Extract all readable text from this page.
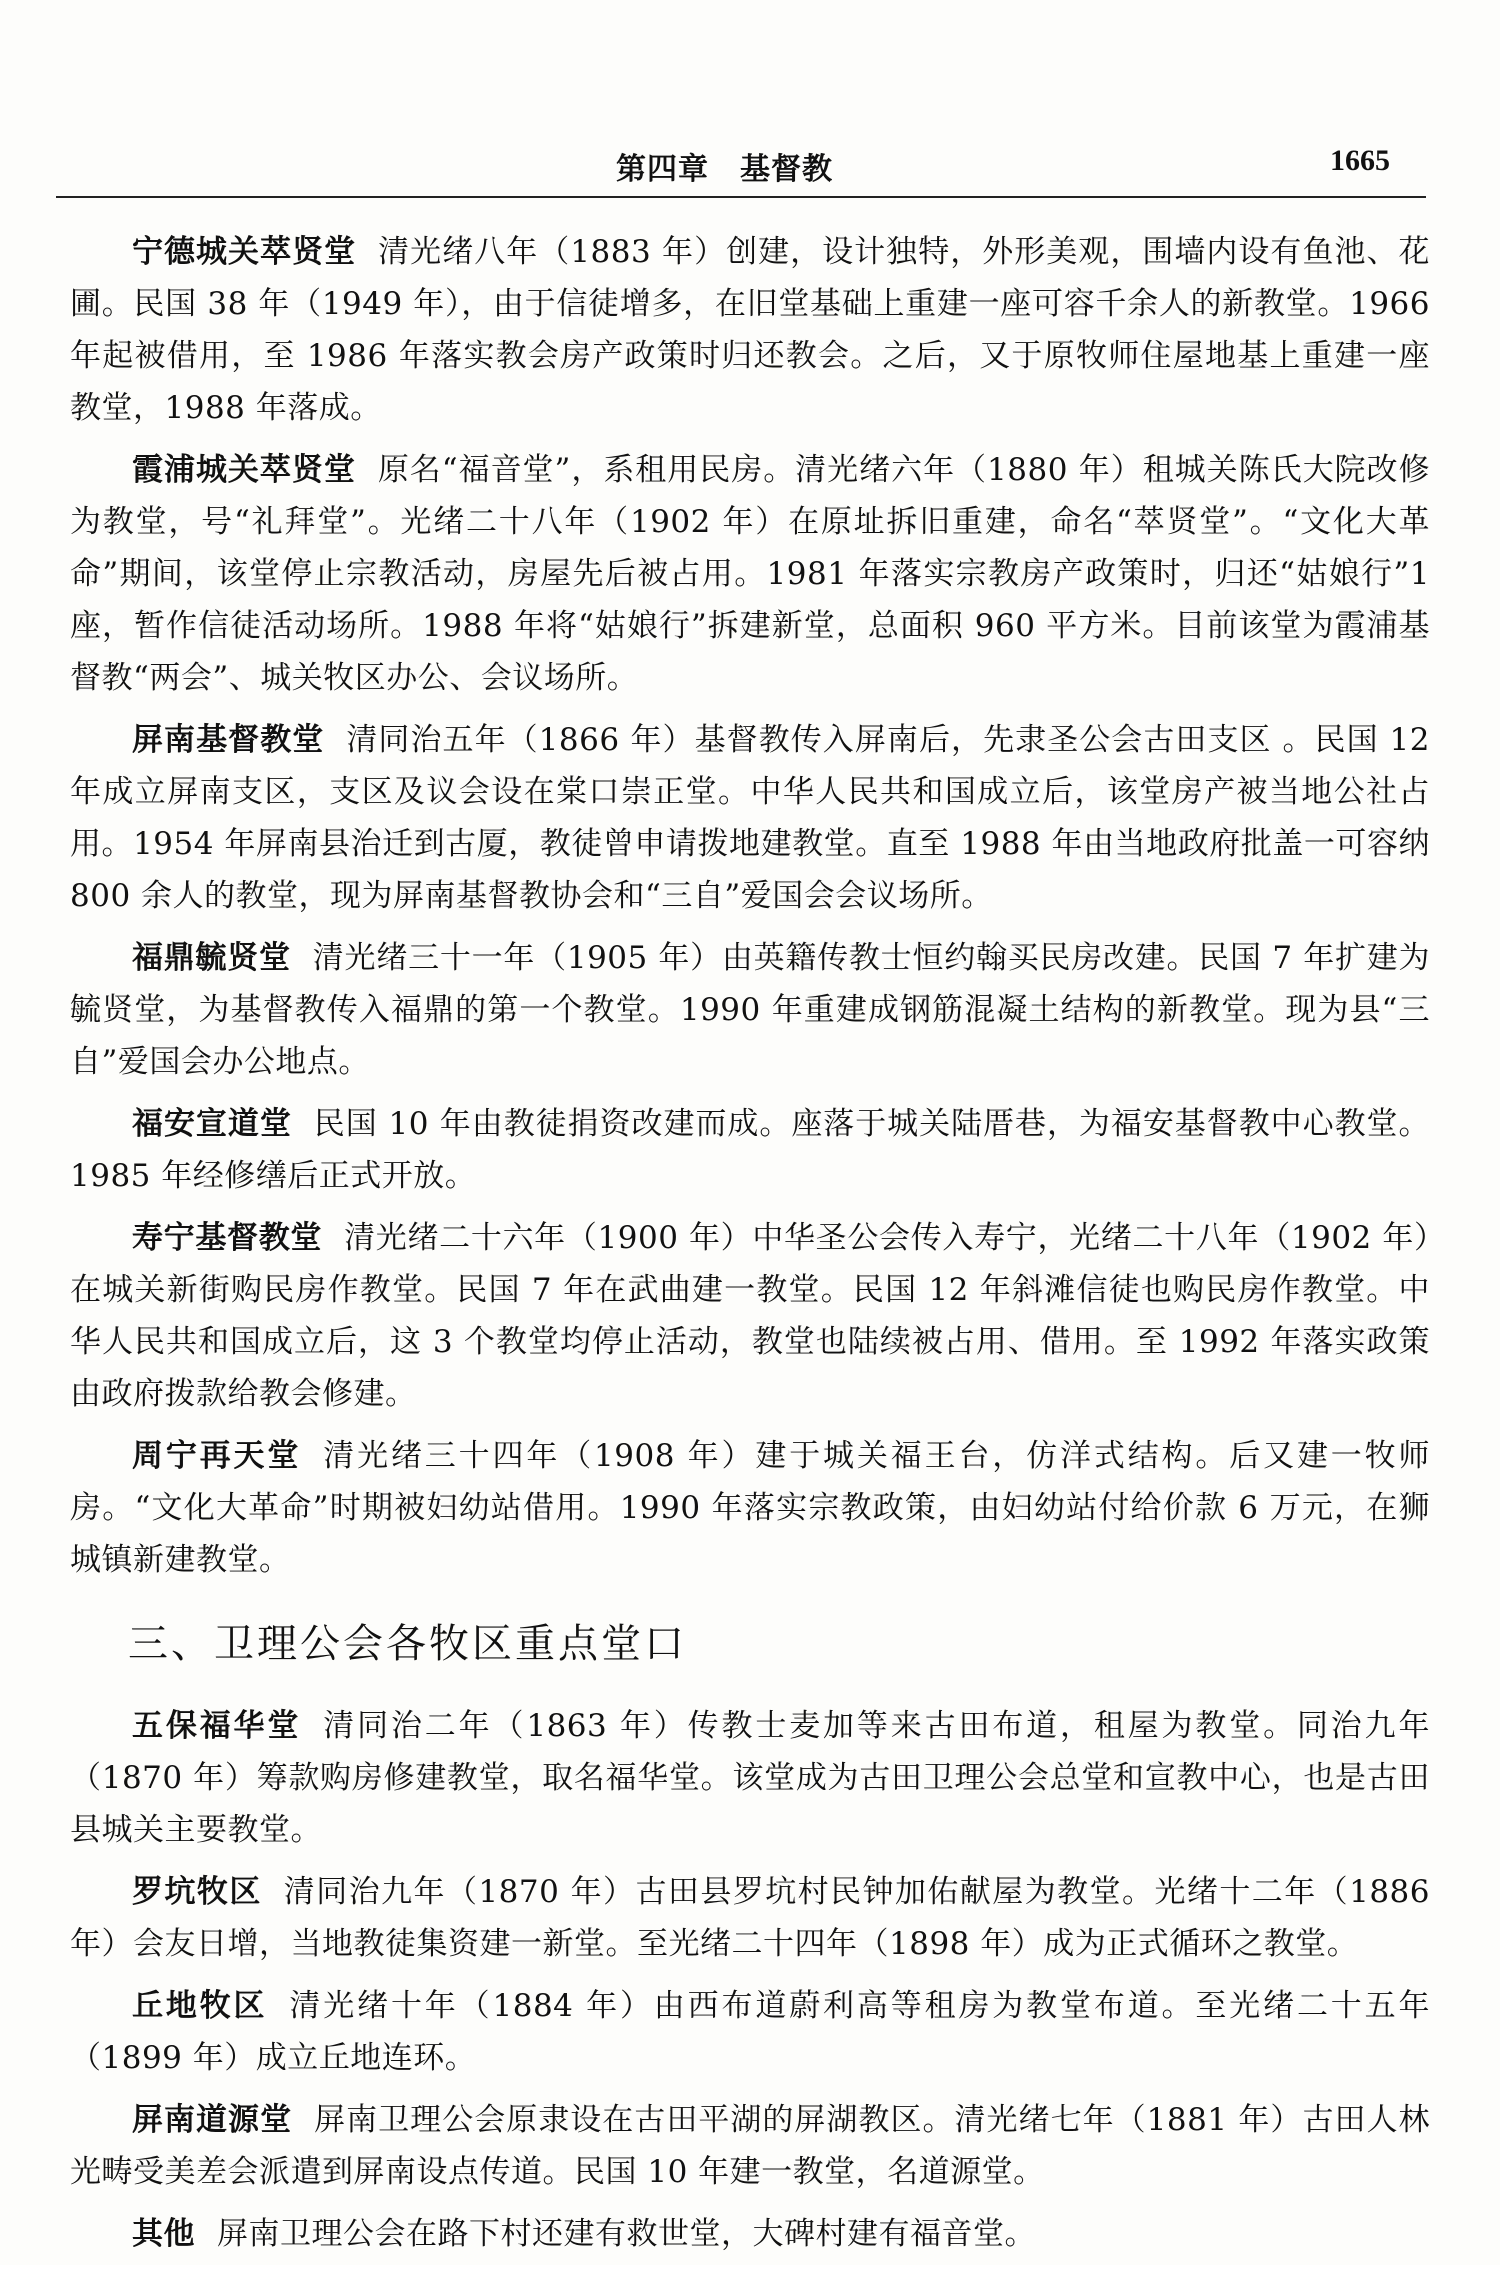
第四章　基督教	1665

宁德城关萃贤堂 清光绪八年（1883 年）创建，设计独特，外形美观，围墙内设有鱼池、花圃。民国 38 年（1949 年），由于信徒增多，在旧堂基础上重建一座可容千余人的新教堂。1966 年起被借用，至 1986 年落实教会房产政策时归还教会。之后，又于原牧师住屋地基上重建一座教堂，1988 年落成。

霞浦城关萃贤堂 原名“福音堂”，系租用民房。清光绪六年（1880 年）租城关陈氏大院改修为教堂，号“礼拜堂”。光绪二十八年（1902 年）在原址拆旧重建，命名“萃贤堂”。“文化大革命”期间，该堂停止宗教活动，房屋先后被占用。1981 年落实宗教房产政策时，归还“姑娘行”1 座，暂作信徒活动场所。1988 年将“姑娘行”拆建新堂，总面积 960 平方米。目前该堂为霞浦基督教“两会”、城关牧区办公、会议场所。

屏南基督教堂 清同治五年（1866 年）基督教传入屏南后，先隶圣公会古田支区 。民国 12 年成立屏南支区，支区及议会设在棠口崇正堂。中华人民共和国成立后，该堂房产被当地公社占用。1954 年屏南县治迁到古厦，教徒曾申请拨地建教堂。直至 1988 年由当地政府批盖一可容纳 800 余人的教堂，现为屏南基督教协会和“三自”爱国会会议场所。

福鼎毓贤堂 清光绪三十一年（1905 年）由英籍传教士恒约翰买民房改建。民国 7 年扩建为毓贤堂，为基督教传入福鼎的第一个教堂。1990 年重建成钢筋混凝土结构的新教堂。现为县“三自”爱国会办公地点。

福安宣道堂 民国 10 年由教徒捐资改建而成。座落于城关陆厝巷，为福安基督教中心教堂。1985 年经修缮后正式开放。

寿宁基督教堂 清光绪二十六年（1900 年）中华圣公会传入寿宁，光绪二十八年（1902 年）在城关新街购民房作教堂。民国 7 年在武曲建一教堂。民国 12 年斜滩信徒也购民房作教堂。中华人民共和国成立后，这 3 个教堂均停止活动，教堂也陆续被占用、借用。至 1992 年落实政策由政府拨款给教会修建。

周宁再天堂 清光绪三十四年（1908 年）建于城关福王台，仿洋式结构。后又建一牧师房。“文化大革命”时期被妇幼站借用。1990 年落实宗教政策，由妇幼站付给价款 6 万元，在狮城镇新建教堂。

三、卫理公会各牧区重点堂口

五保福华堂 清同治二年（1863 年）传教士麦加等来古田布道，租屋为教堂。同治九年（1870 年）筹款购房修建教堂，取名福华堂。该堂成为古田卫理公会总堂和宣教中心，也是古田县城关主要教堂。

罗坑牧区 清同治九年（1870 年）古田县罗坑村民钟加佑献屋为教堂。光绪十二年（1886 年）会友日增，当地教徒集资建一新堂。至光绪二十四年（1898 年）成为正式循环之教堂。

丘地牧区 清光绪十年（1884 年）由西布道蔚利高等租房为教堂布道。至光绪二十五年（1899 年）成立丘地连环。

屏南道源堂 屏南卫理公会原隶设在古田平湖的屏湖教区。清光绪七年（1881 年）古田人林光畴受美差会派遣到屏南设点传道。民国 10 年建一教堂，名道源堂。

其他 屏南卫理公会在路下村还建有救世堂，大碑村建有福音堂。
